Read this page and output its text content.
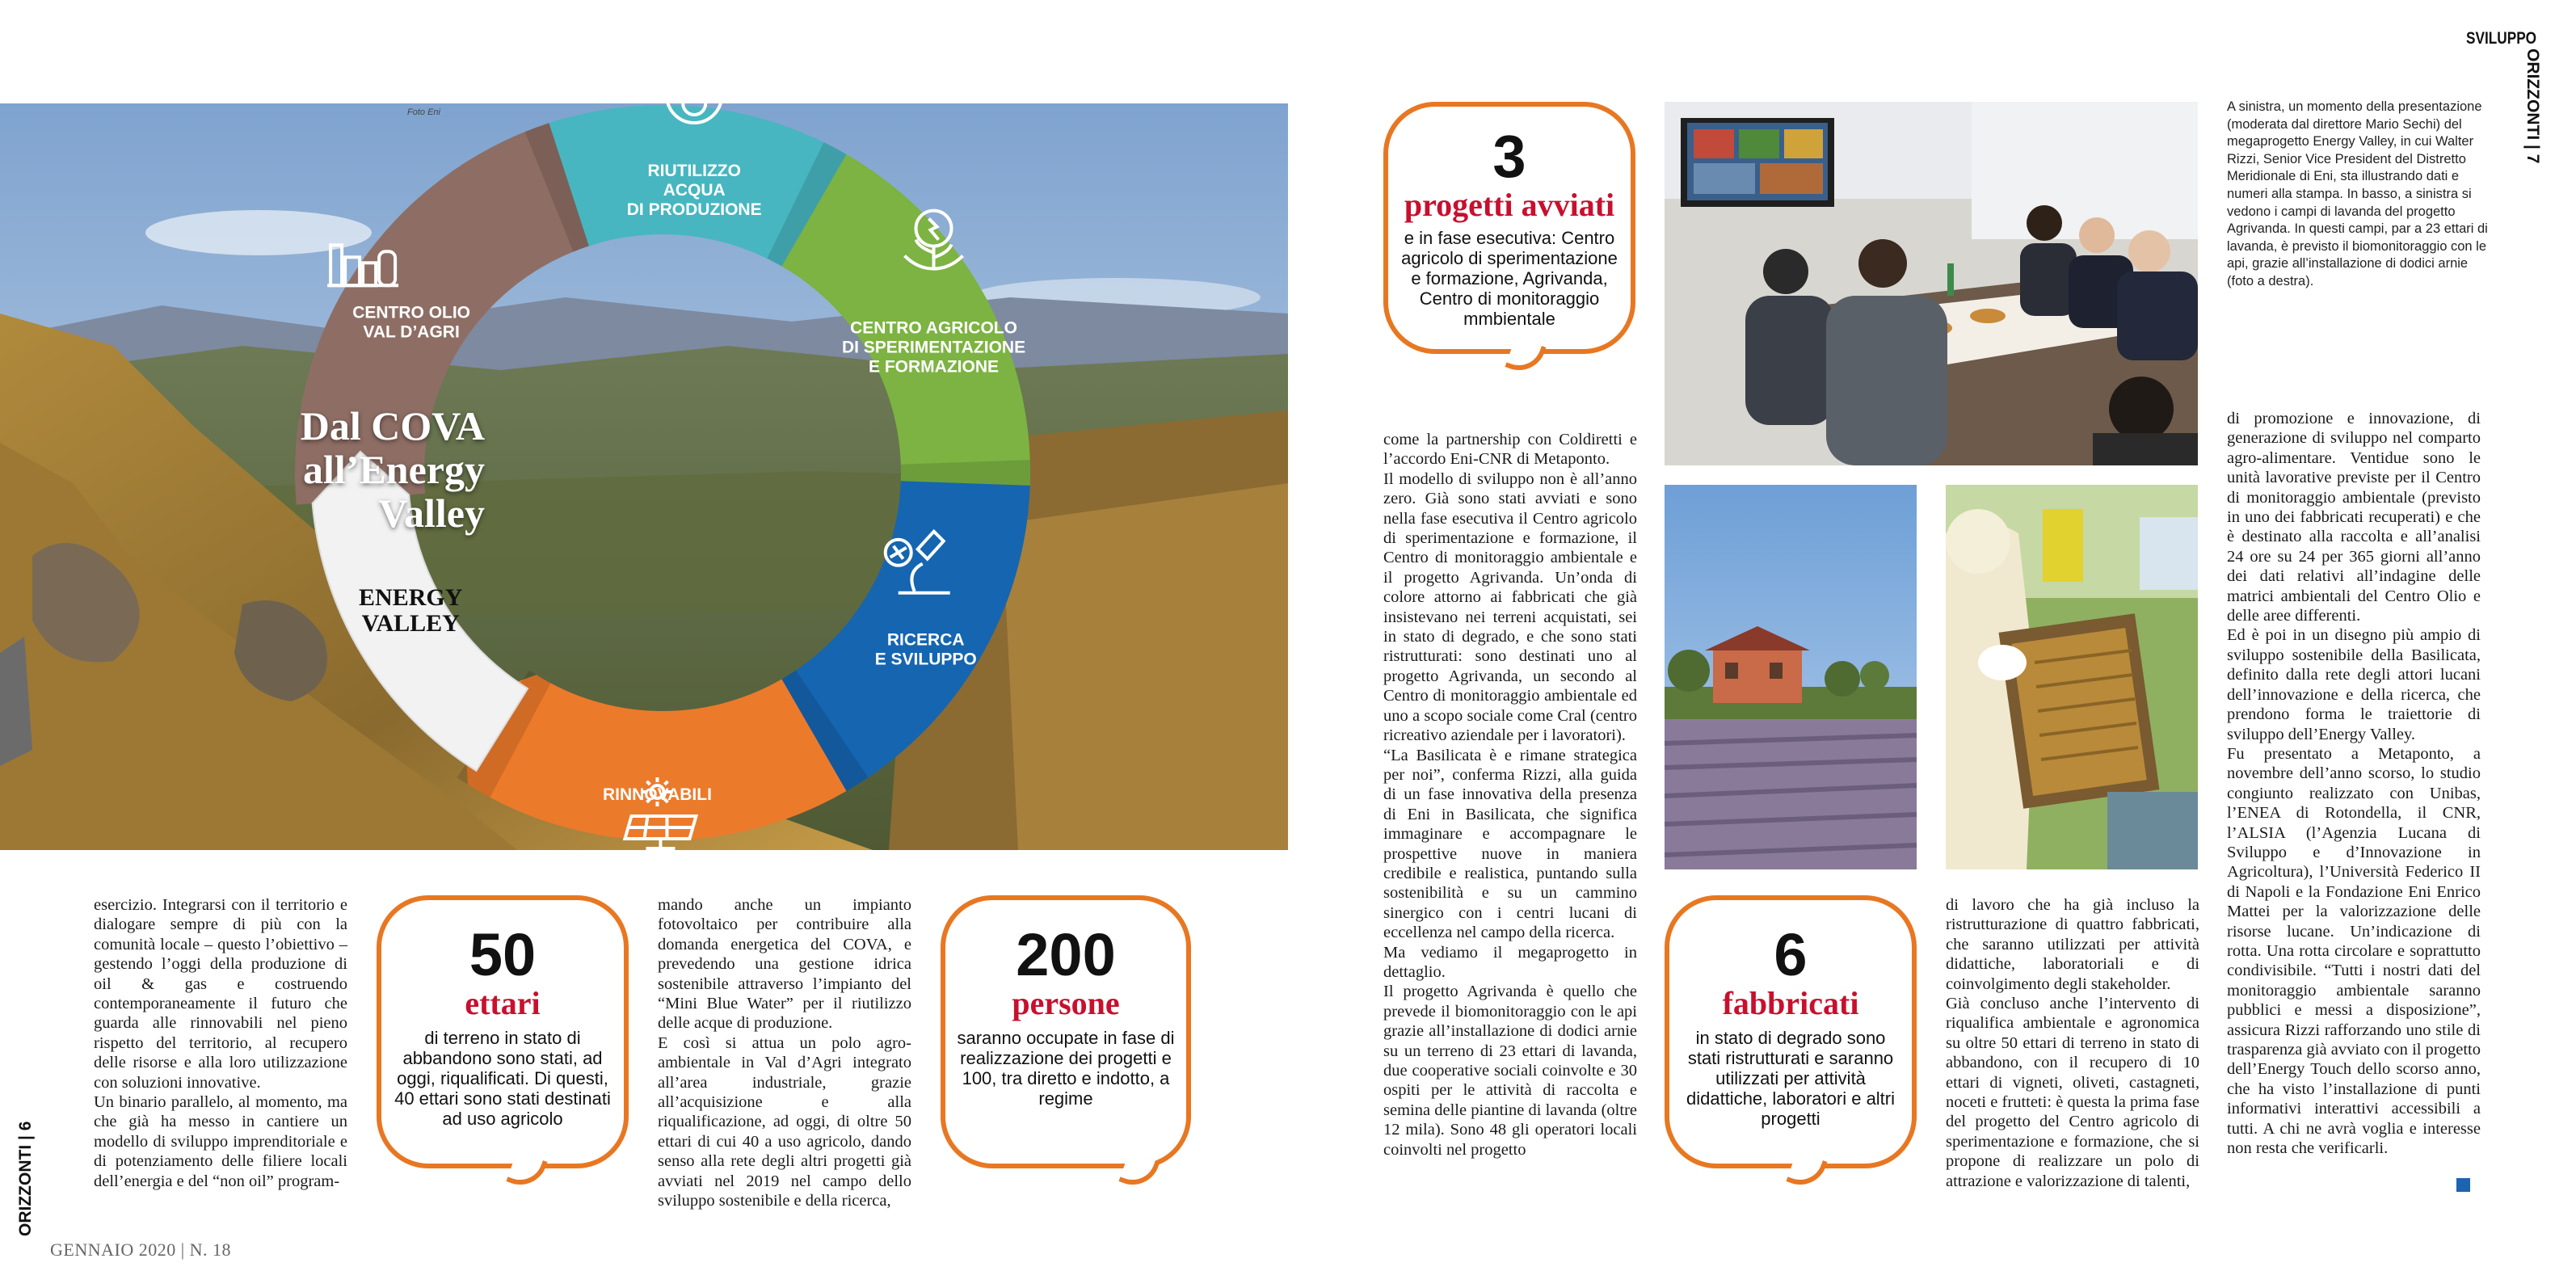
Foto Eni
CENTRO OLIO
VAL D’AGRI
RIUTILIZZO
ACQUA
DI PRODUZIONE
CENTRO AGRICOLO
DI SPERIMENTAZIONE
E FORMAZIONE
RICERCA
E SVILUPPO
RINNOVABILI
ENERGY
VALLEY
Dal COVA
all’Energy Valley

esercizio. Integrarsi con il territorio e dialogare sempre di più con la comunità locale – questo l’obiettivo – gestendo l’oggi della produzione di oil & gas e costruendo contemporaneamente il futuro che guarda alle rinnovabili nel pieno rispetto del territorio, al recupero delle risorse e alla loro utilizzazione con soluzioni innovative.

Un binario parallelo, al momento, ma che già ha messo in cantiere un modello di sviluppo imprenditoriale e di potenziamento delle filiere locali dell’energia e del “non oil” program-

50
ettari
di terreno in stato di abbandono sono stati, ad oggi, riqualificati. Di questi, 40 ettari sono stati destinati ad uso agricolo

mando anche un impianto fotovoltaico per contribuire alla domanda energetica del COVA, e prevedendo una gestione idrica sostenibile attraverso l’impianto del “Mini Blue Water” per il riutilizzo delle acque di produzione.

E così si attua un polo agro-ambientale in Val d’Agri integrato all’area industriale, grazie all’acquisizione e alla riqualificazione, ad oggi, di oltre 50 ettari di cui 40 a uso agricolo, dando senso alla rete degli altri progetti già avviati nel 2019 nel campo dello sviluppo sostenibile e della ricerca,

200
persone
saranno occupate in fase di realizzazione dei progetti e 100, tra diretto e indotto, a regime
ORIZZONTI | 6
GENNAIO 2020 | N. 18
3
progetti avviati
e in fase esecutiva: Centro agricolo di sperimentazione e formazione, Agrivanda, Centro di monitoraggio mmbientale
A sinistra, un momento della presentazione (moderata dal direttore Mario Sechi) del megaprogetto Energy Valley, in cui Walter Rizzi, Senior Vice President del Distretto Meridionale di Eni, sta illustrando dati e numeri alla stampa. In basso, a sinistra si vedono i campi di lavanda del progetto Agrivanda. In questi campi, par a 23 ettari di lavanda, è previsto il biomonitoraggio con le api, grazie all’installazione di dodici arnie (foto a destra).

come la partnership con Coldiretti e l’accordo Eni-CNR di Metaponto.

Il modello di sviluppo non è all’anno zero. Già sono stati avviati e sono nella fase esecutiva il Centro agricolo di sperimentazione e formazione, il Centro di monitoraggio ambientale e il progetto Agrivanda. Un’onda di colore attorno ai fabbricati che già insistevano nei terreni acquistati, sei in stato di degrado, e che sono stati ristrutturati: sono destinati uno al progetto Agrivanda, un secondo al Centro di monitoraggio ambientale ed uno a scopo sociale come Cral (centro ricreativo aziendale per i lavoratori).

“La Basilicata è e rimane strategica per noi”, conferma Rizzi, alla guida di un fase innovativa della presenza di Eni in Basilicata, che significa immaginare e accompagnare le prospettive nuove in maniera credibile e realistica, puntando sulla sostenibilità e su un cammino sinergico con i centri lucani di eccellenza nel campo della ricerca.

Ma vediamo il megaprogetto in dettaglio.

Il progetto Agrivanda è quello che prevede il biomonitoraggio con le api grazie all’installazione di dodici arnie su un terreno di 23 ettari di lavanda, due cooperative sociali coinvolte e 30 ospiti per le attività di raccolta e semina delle piantine di lavanda (oltre 12 mila). Sono 48 gli operatori locali coinvolti nel progetto

6
fabbricati
in stato di degrado sono stati ristrutturati e saranno utilizzati per attività didattiche, laboratori e altri progetti

di lavoro che ha già incluso la ristrutturazione di quattro fabbricati, che saranno utilizzati per attività didattiche, laboratoriali e di coinvolgimento degli stakeholder.

Già concluso anche l’intervento di riqualifica ambientale e agronomica su oltre 50 ettari di terreno in stato di abbandono, con il recupero di 10 ettari di vigneti, oliveti, castagneti, noceti e frutteti: è questa la prima fase del progetto del Centro agricolo di sperimentazione e formazione, che si propone di realizzare un polo di attrazione e valorizzazione di talenti,

di promozione e innovazione, di generazione di sviluppo nel comparto agro-alimentare. Ventidue sono le unità lavorative previste per il Centro di monitoraggio ambientale (previsto in uno dei fabbricati recuperati) e che è destinato alla raccolta e all’analisi 24 ore su 24 per 365 giorni all’anno dei dati relativi all’indagine delle matrici ambientali del Centro Olio e delle aree differenti.

Ed è poi in un disegno più ampio di sviluppo sostenibile della Basilicata, definito dalla rete degli attori lucani dell’innovazione e della ricerca, che prendono forma le traiettorie di sviluppo dell’Energy Valley.

Fu presentato a Metaponto, a novembre dell’anno scorso, lo studio congiunto realizzato con Unibas, l’ENEA di Rotondella, il CNR, l’ALSIA (l’Agenzia Lucana di Sviluppo e d’Innovazione in Agricoltura), l’Università Federico II di Napoli e la Fondazione Eni Enrico Mattei per la valorizzazione delle risorse lucane. Un’indicazione di rotta. Una rotta circolare e soprattutto condivisibile. “Tutti i nostri dati del monitoraggio ambientale saranno pubblici e messi a disposizione”, assicura Rizzi rafforzando uno stile di trasparenza già avviato con il progetto dell’Energy Touch dello scorso anno, che ha visto l’installazione di punti informativi interattivi accessibili a tutti. A chi ne avrà voglia e interesse non resta che verificarli.

SVILUPPO
ORIZZONTI | 7
